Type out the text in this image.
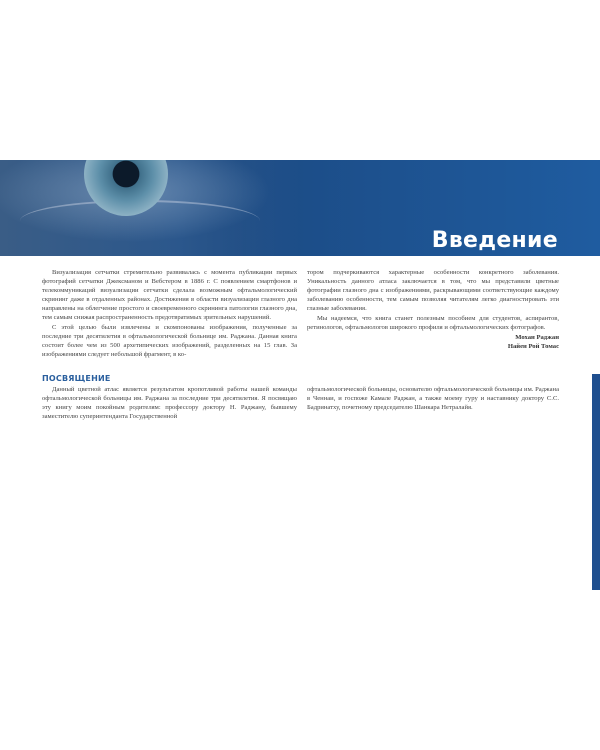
Введение

Визуализация сетчатки стремительно развивалась с момента публикации первых фотографий сетчатки Джексманом и Вебстером в 1886 г. С появлением смартфонов и телекоммуникаций визуализации сетчатки сделала возможным офтальмологический скрининг даже в отдаленных районах. Достижения в области визуализации глазного дна направлены на облегчение простого и своевременного скрининга патологии глазного дна, тем самым снижая распространенность предотвратимых зрительных нарушений.

С этой целью были извлечены и скомпонованы изображения, полученные за последние три десятилетия в офтальмологической больнице им. Раджана. Данная книга состоит более чем из 500 архетипических изображений, разделенных на 15 глав. За изображениями следует небольшой фрагмент, в ко-

тором подчеркиваются характерные особенности конкретного заболевания. Уникальность данного атласа заключается в том, что мы представили цветные фотографии глазного дна с изображениями, раскрывающими соответствующие каждому заболеванию особенности, тем самым позволяя читателям легко диагностировать эти глазные заболевания.

Мы надеемся, что книга станет полезным пособием для студентов, аспирантов, ретинологов, офтальмологов широкого профиля и офтальмологических фотографов.

Мохан Раджан
Найен Рой Томас
ПОСВЯЩЕНИЕ

Данный цветной атлас является результатом кропотливой работы нашей команды офтальмологической больницы им. Раджана за последние три десятилетия. Я посвящаю эту книгу моим покойным родителям: профессору доктору Н. Раджану, бывшему заместителю суперинтенданта Государственной

офтальмологической больницы, основателю офтальмологической больницы им. Раджана в Ченнаи, и госпоже Камале Раджан, а также моему гуру и наставнику доктору С.С. Бадринатху, почетному председателю Шанкара Нетралайя.
